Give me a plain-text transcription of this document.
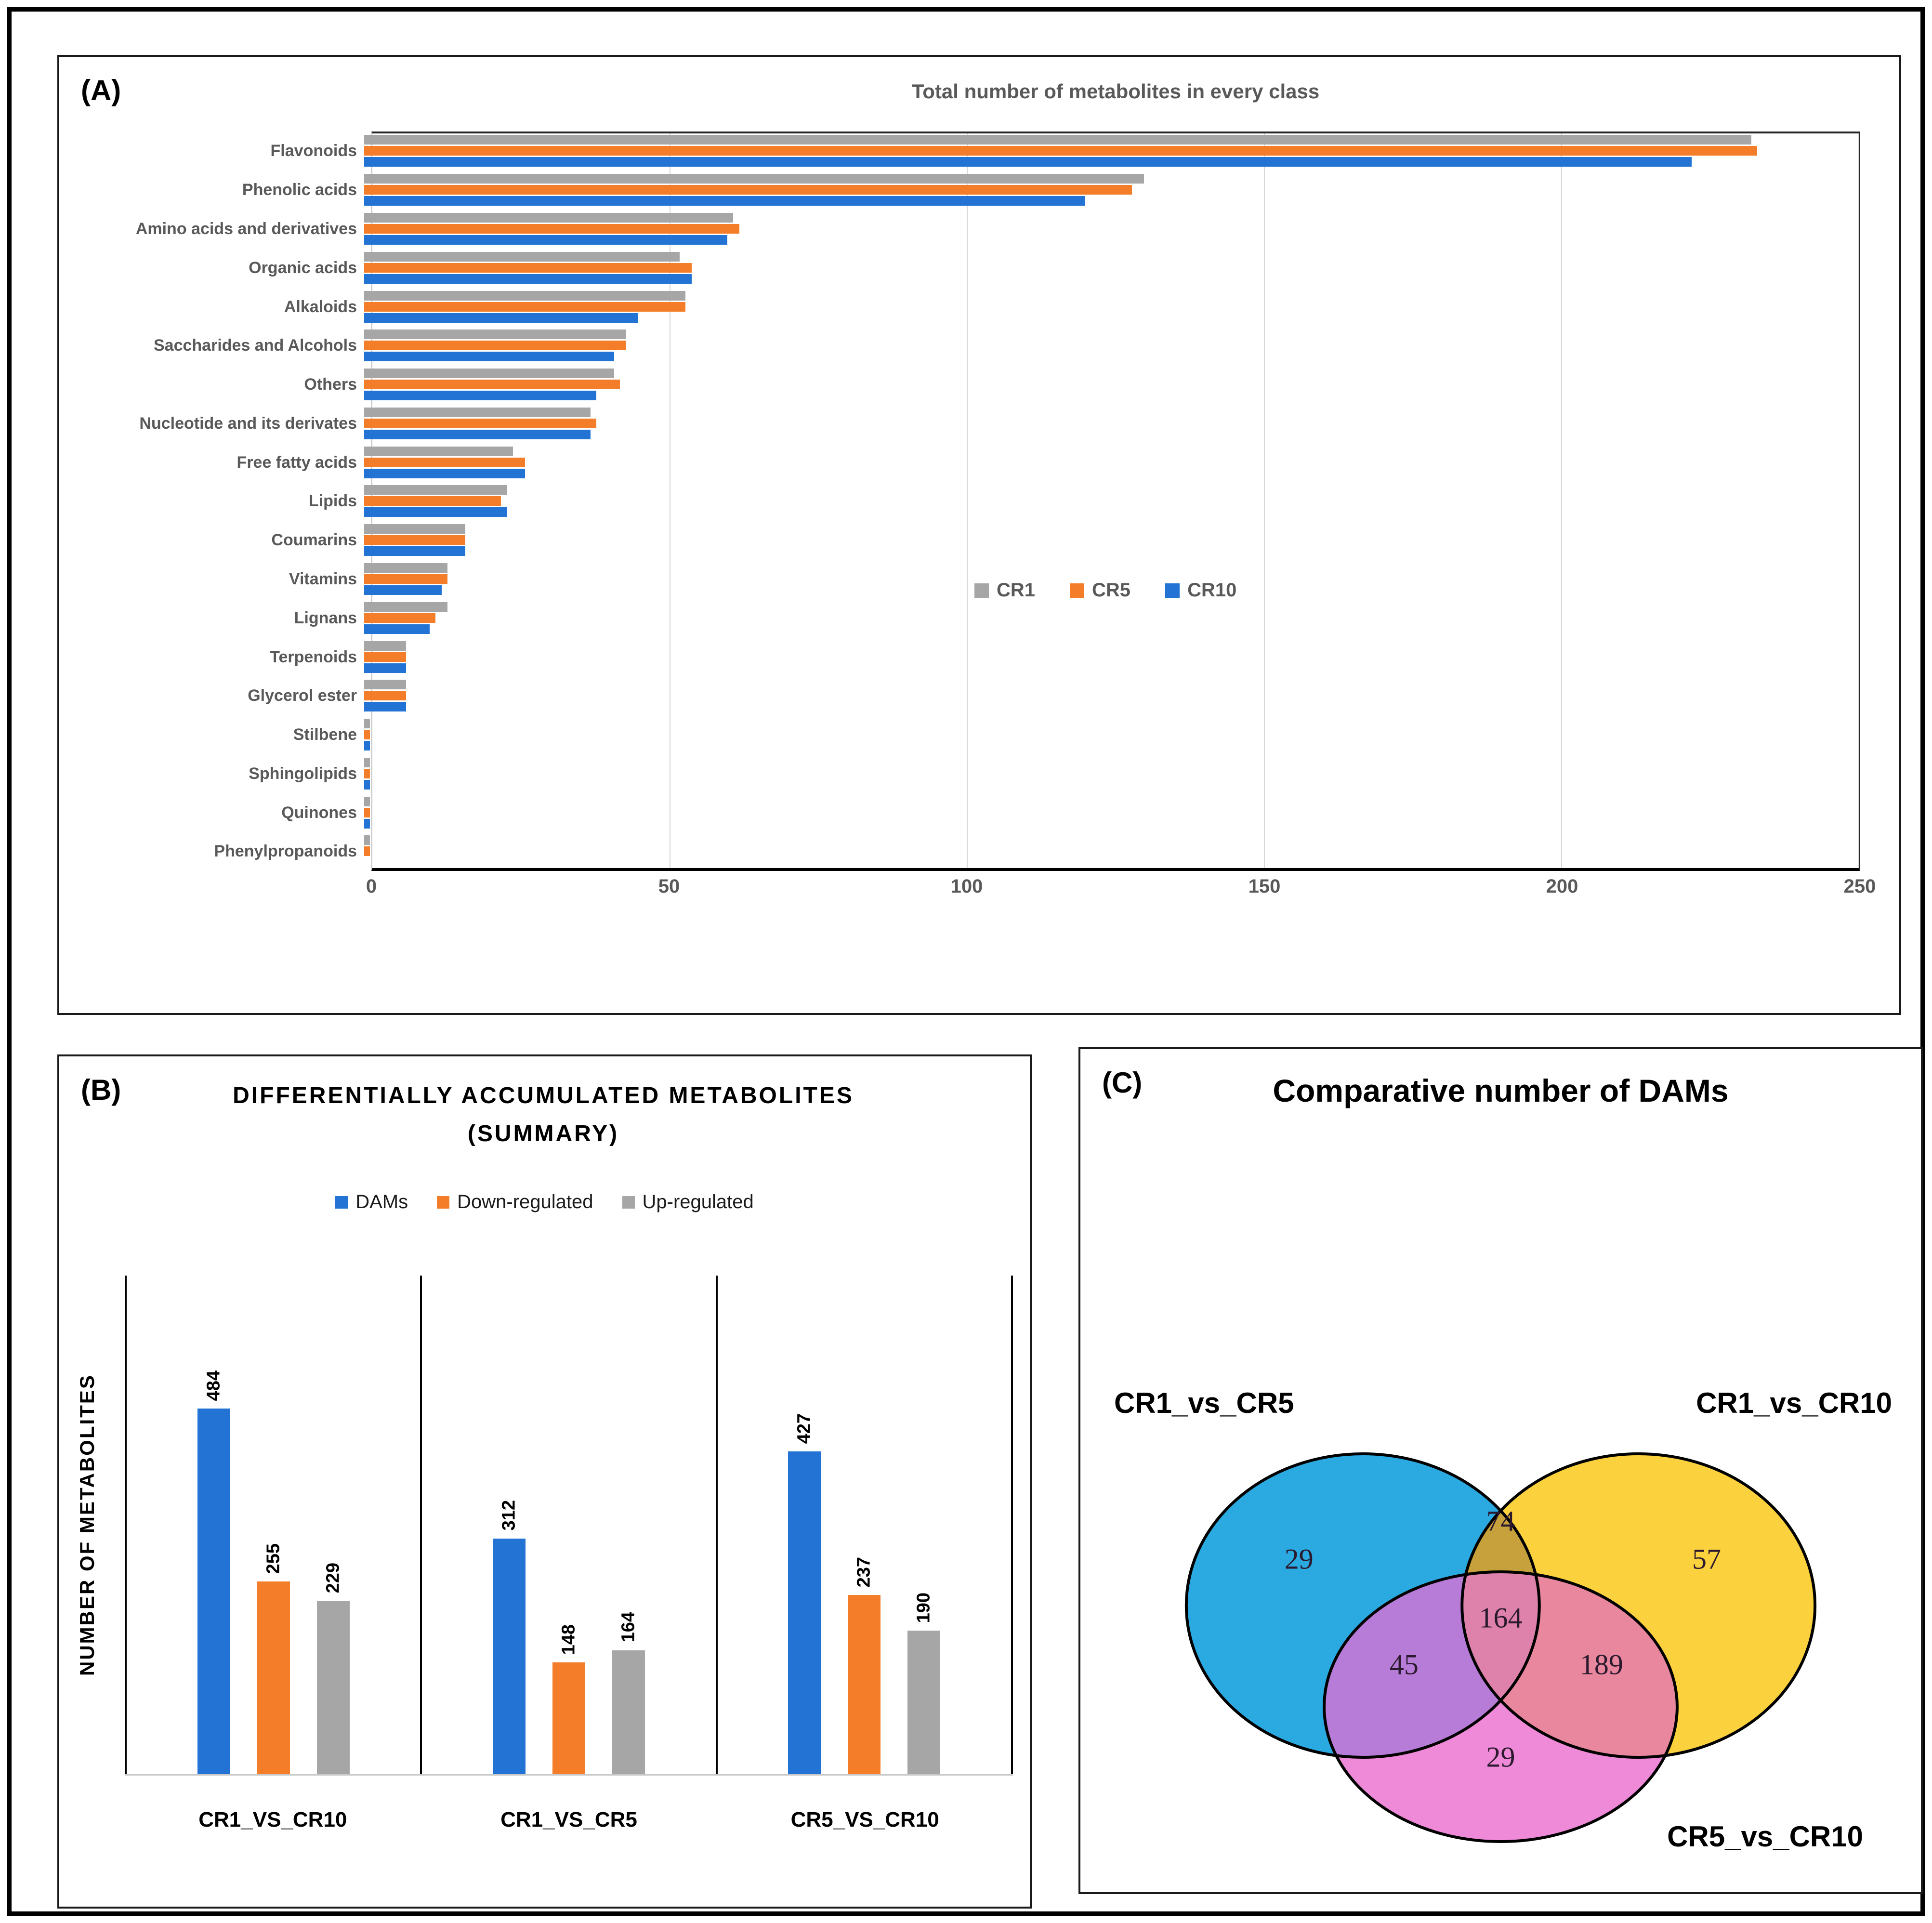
(A)	Total number of metabolites in every class
Flavonoids
Phenolic acids
Amino acids and derivatives
Organic acids
Alkaloids
Saccharides and Alcohols
Others
Nucleotide and its derivates
Free fatty acids
Lipids
Coumarins
Vitamins
Lignans
Terpenoids
Glycerol ester
Stilbene
Sphingolipids
Quinones
Phenylpropanoids
0	50	100	150	200	250
CR1	CR5	CR10
(B)	DIFFERENTIALLY ACCUMULATED METABOLITES
(SUMMARY)
DAMs	Down-regulated	Up-regulated
NUMBER OF METABOLITES	484
255
229
312
148 164
427
237
190
CR1_VS_CR10	CR1_VS_CR5	CR5_VS_CR10
(C)	Comparative number of DAMs
CR1_vs_CR5	CR1_vs_CR10
CR5_vs_CR10
29	57
74
164
45	189
29
